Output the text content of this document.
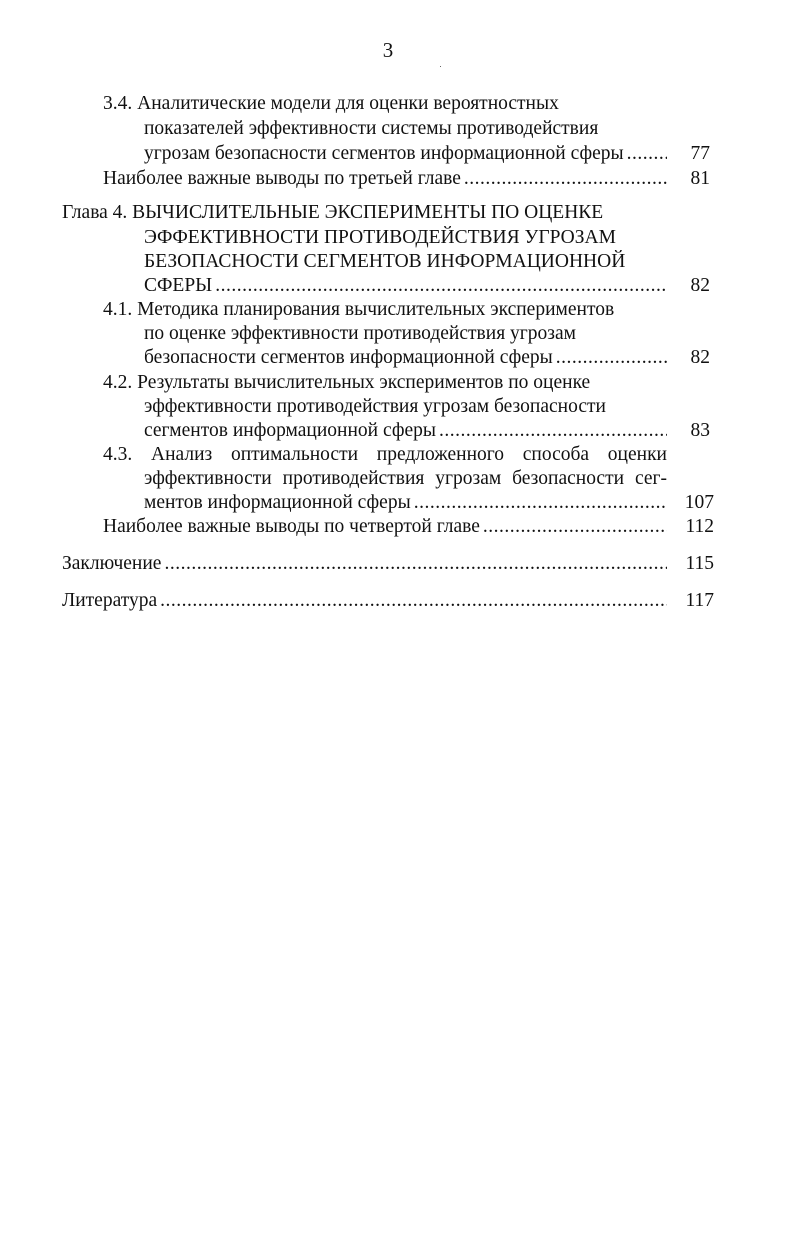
3
3.4. Аналитические модели для оценки вероятностных
показателей эффективности системы противодействия
угрозам безопасности сегментов информационной сферы .....	77
Наиболее важные выводы по третьей главе .....	81
Глава 4. ВЫЧИСЛИТЕЛЬНЫЕ ЭКСПЕРИМЕНТЫ ПО ОЦЕНКЕ
ЭФФЕКТИВНОСТИ ПРОТИВОДЕЙСТВИЯ УГРОЗАМ
БЕЗОПАСНОСТИ СЕГМЕНТОВ ИНФОРМАЦИОННОЙ
СФЕРЫ .....	82
4.1. Методика планирования вычислительных экспериментов
по оценке эффективности противодействия угрозам
безопасности сегментов информационной сферы .....	82
4.2. Результаты вычислительных экспериментов по оценке
эффективности противодействия угрозам безопасности
сегментов информационной сферы .....	83
4.3. Анализ оптимальности предложенного способа оценки
эффективности противодействия угрозам безопасности сег-
ментов информационной сферы .....	107
Наиболее важные выводы по четвертой главе .....	112
Заключение .....	115
Литература .....	117
